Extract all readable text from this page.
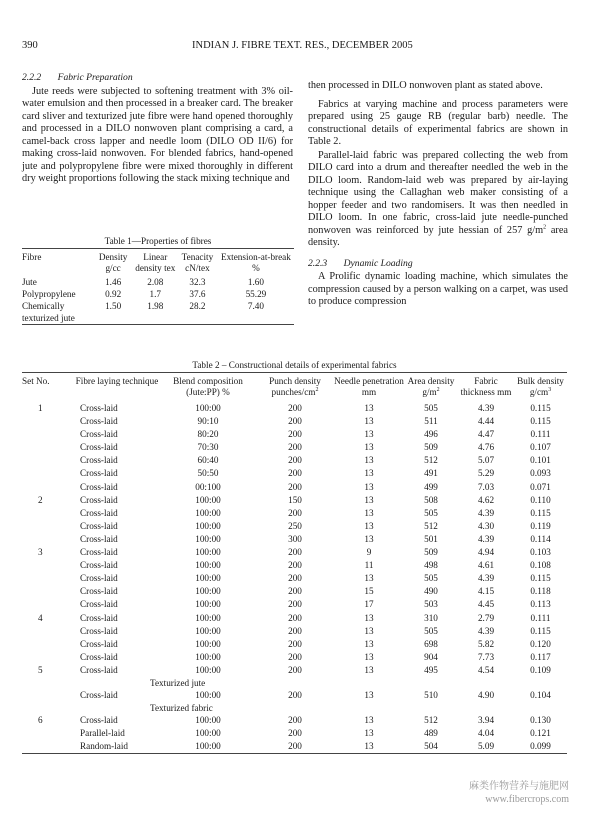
390	INDIAN J. FIBRE TEXT. RES., DECEMBER 2005

2.2.2 Fabric Preparation

Jute reeds were subjected to softening treatment with 3% oil-water emulsion and then processed in a breaker card. The breaker card sliver and texturized jute fibre were hand opened thoroughly and processed in a DILO nonwoven plant comprising a card, a camel-back cross lapper and needle loom (DILO OD II/6) for making cross-laid nonwoven. For blended fabrics, hand-opened jute and polypropylene fibre were mixed thoroughly in different dry weight proportions following the stack mixing technique and

Table 1—Properties of fibres
Fibre	Density g/cc	Linear density tex	Tenacity cN/tex	Extension-at-break %
Jute	1.46	2.08	32.3	1.60
Polypropylene	0.92	1.7	37.6	55.29
Chemically texturized jute	1.50	1.98	28.2	7.40

then processed in DILO nonwoven plant as stated above.

Fabrics at varying machine and process parameters were prepared using 25 gauge RB (regular barb) needle. The constructional details of experimental fabrics are shown in Table 2.

Parallel-laid fabric was prepared collecting the web from DILO card into a drum and thereafter needled the web in the DILO loom. Random-laid web was prepared by air-laying technique using the Callaghan web maker consisting of a hopper feeder and two randomisers. It was then needled in DILO loom. In one fabric, cross-laid jute needle-punched nonwoven was reinforced by jute hessian of 257 $g/m^2$ area density.

2.2.3 Dynamic Loading

A Prolific dynamic loading machine, which simulates the compression caused by a person walking on a carpet, was used to produce compression

Table 2 – Constructional details of experimental fabrics
Set No.	Fibre laying technique	Blend composition (Jute:PP) %	Punch density punches/$cm^2$	Needle penetration mm	Area density $g/m^2$	Fabric thickness mm	Bulk density $g/cm^3$
1	Cross-laid	100:00	200	13	505	4.39	0.115
	Cross-laid	90:10	200	13	511	4.44	0.115
	Cross-laid	80:20	200	13	496	4.47	0.111
	Cross-laid	70:30	200	13	509	4.76	0.107
	Cross-laid	60:40	200	13	512	5.07	0.101
	Cross-laid	50:50	200	13	491	5.29	0.093
	Cross-laid	00:100	200	13	499	7.03	0.071
2	Cross-laid	100:00	150	13	508	4.62	0.110
	Cross-laid	100:00	200	13	505	4.39	0.115
	Cross-laid	100:00	250	13	512	4.30	0.119
	Cross-laid	100:00	300	13	501	4.39	0.114
3	Cross-laid	100:00	200	9	509	4.94	0.103
	Cross-laid	100:00	200	11	498	4.61	0.108
	Cross-laid	100:00	200	13	505	4.39	0.115
	Cross-laid	100:00	200	15	490	4.15	0.118
	Cross-laid	100:00	200	17	503	4.45	0.113
4	Cross-laid	100:00	200	13	310	2.79	0.111
	Cross-laid	100:00	200	13	505	4.39	0.115
	Cross-laid	100:00	200	13	698	5.82	0.120
	Cross-laid	100:00	200	13	904	7.73	0.117
5	Cross-laid	100:00	200	13	495	4.54	0.109
Texturized jute							
	Cross-laid	100:00	200	13	510	4.90	0.104
Texturized fabric							
6	Cross-laid	100:00	200	13	512	3.94	0.130
	Parallel-laid	100:00	200	13	489	4.04	0.121
	Random-laid	100:00	200	13	504	5.09	0.099
麻类作物营养与施肥网
www.fibercrops.com
